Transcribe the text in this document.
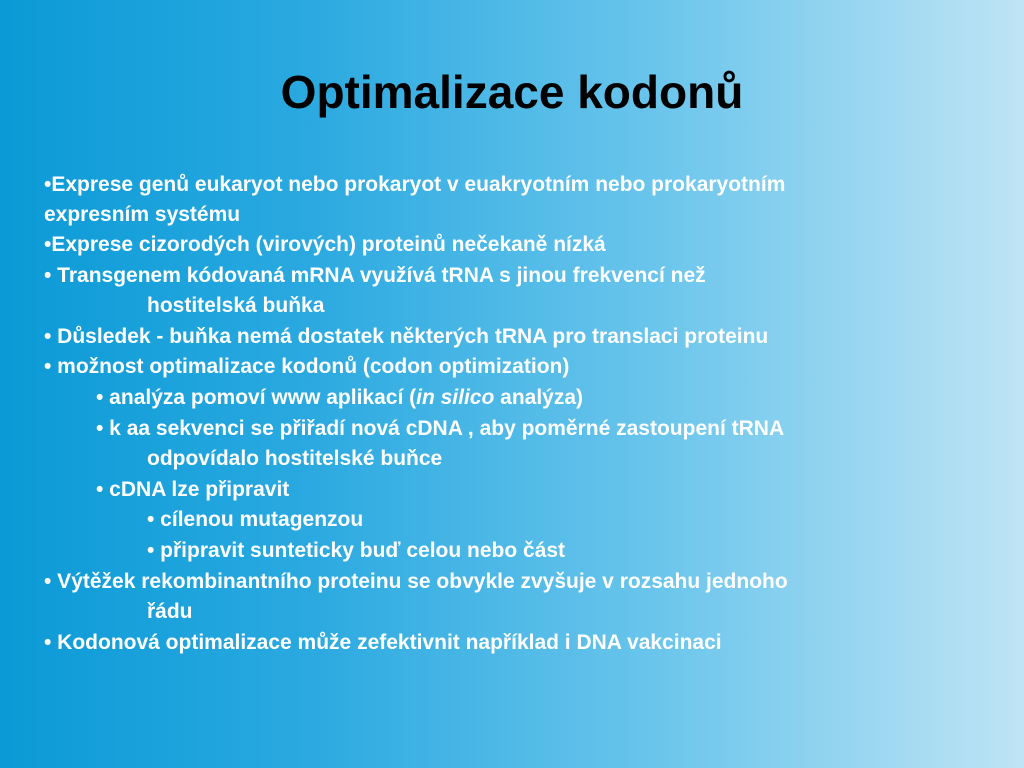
Optimalizace kodonů
•Exprese genů eukaryot nebo prokaryot v euakryotním nebo prokaryotním
expresním systému
•Exprese cizorodých (virových) proteinů nečekaně nízká
• Transgenem kódovaná mRNA využívá tRNA s jinou frekvencí než
hostitelská buňka
• Důsledek - buňka nemá dostatek některých tRNA pro translaci proteinu
• možnost optimalizace kodonů (codon optimization)
• analýza pomoví www aplikací (in silico analýza)
• k aa sekvenci se přiřadí nová cDNA , aby poměrné zastoupení tRNA
odpovídalo hostitelské buňce
• cDNA lze připravit
• cílenou mutagenzou
• připravit sunteticky buď celou nebo část
• Výtěžek rekombinantního proteinu se obvykle zvyšuje v rozsahu jednoho
řádu
• Kodonová optimalizace může zefektivnit například i DNA vakcinaci
